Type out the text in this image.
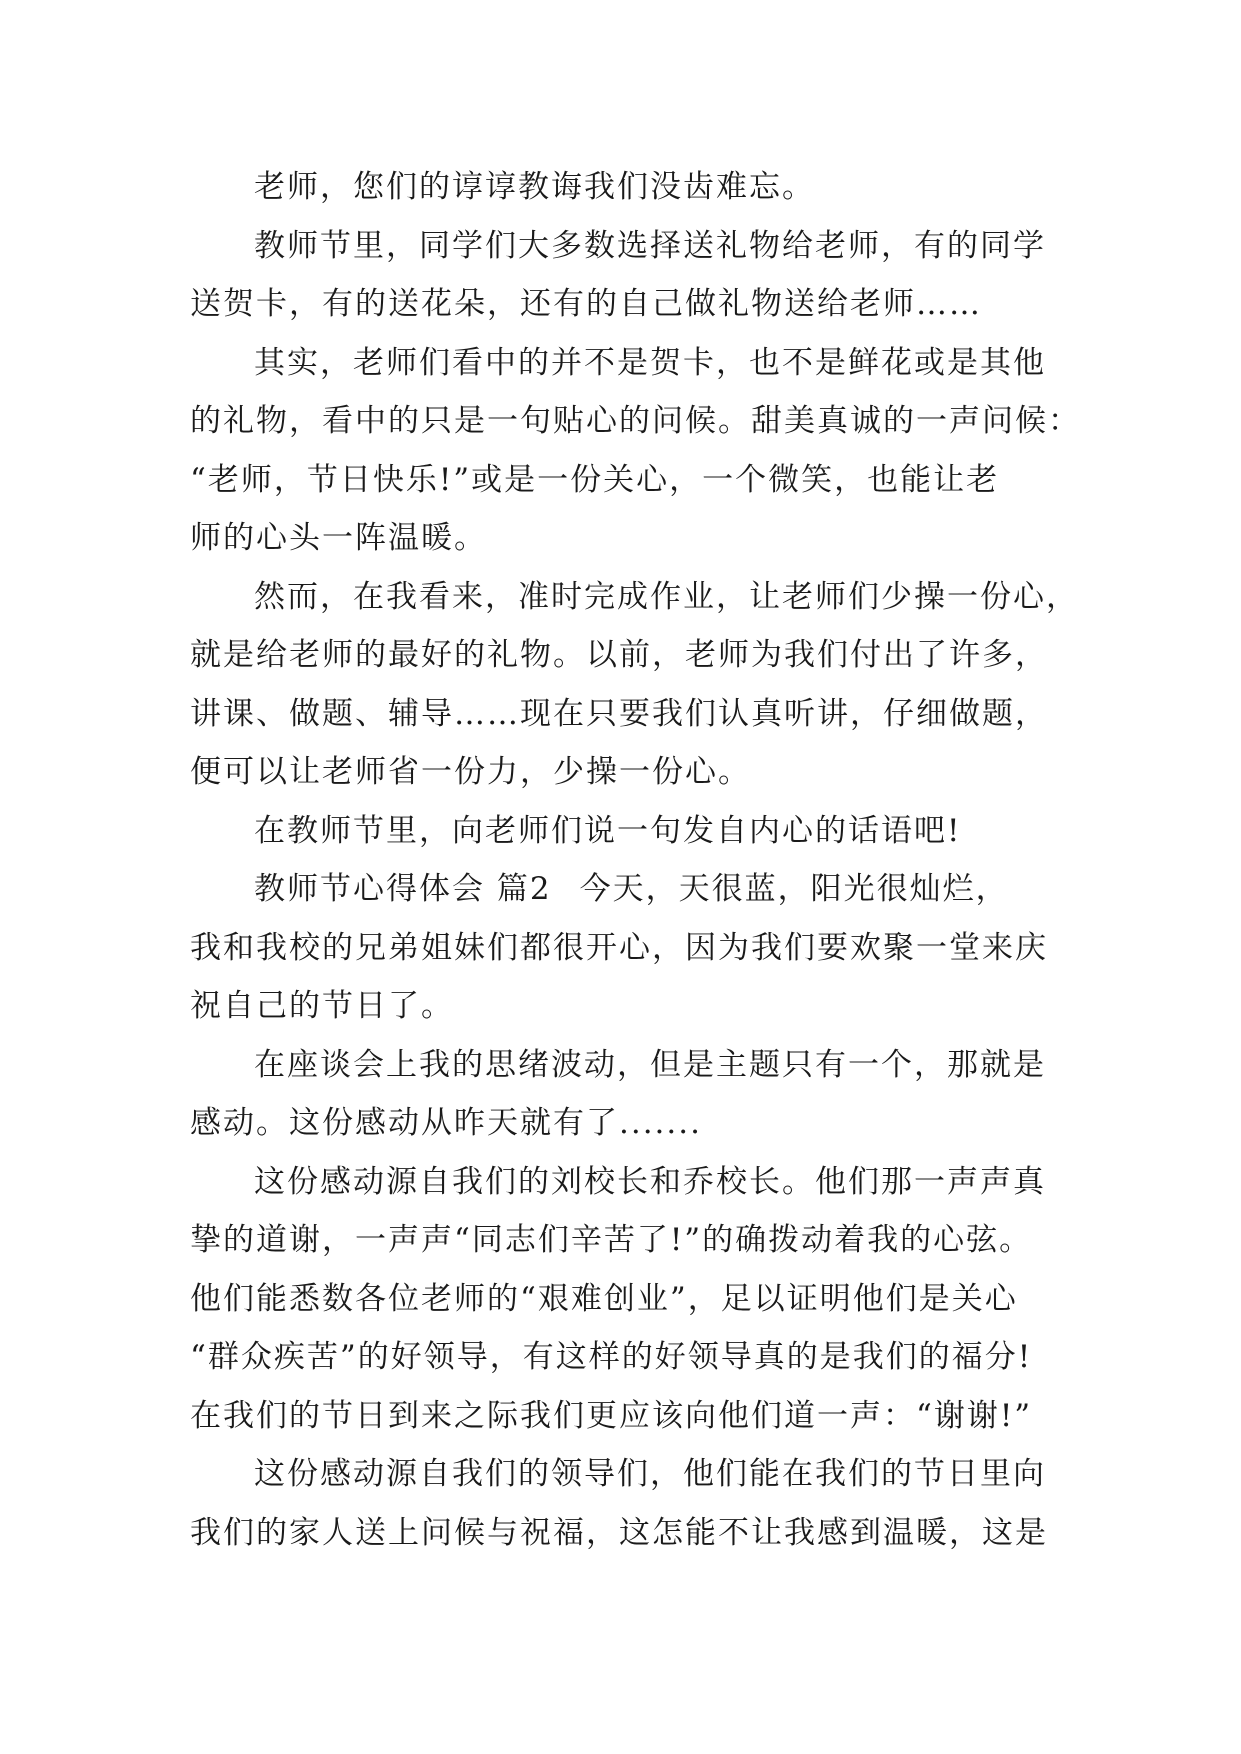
老师，您们的谆谆教诲我们没齿难忘。
教师节里，同学们大多数选择送礼物给老师，有的同学
送贺卡，有的送花朵，还有的自己做礼物送给老师……
其实，老师们看中的并不是贺卡，也不是鲜花或是其他
的礼物，看中的只是一句贴心的问候。甜美真诚的一声问候：
“老师，节日快乐!”或是一份关心，一个微笑，也能让老
师的心头一阵温暖。
然而，在我看来，准时完成作业，让老师们少操一份心，
就是给老师的最好的礼物。以前，老师为我们付出了许多，
讲课、做题、辅导……现在只要我们认真听讲，仔细做题，
便可以让老师省一份力，少操一份心。
在教师节里，向老师们说一句发自内心的话语吧!
教师节心得体会 篇2 今天，天很蓝，阳光很灿烂，
我和我校的兄弟姐妹们都很开心，因为我们要欢聚一堂来庆
祝自己的节日了。
在座谈会上我的思绪波动，但是主题只有一个，那就是
感动。这份感动从昨天就有了.......
这份感动源自我们的刘校长和乔校长。他们那一声声真
挚的道谢，一声声“同志们辛苦了!”的确拨动着我的心弦。
他们能悉数各位老师的“艰难创业”，足以证明他们是关心
“群众疾苦”的好领导，有这样的好领导真的是我们的福分!
在我们的节日到来之际我们更应该向他们道一声：“谢谢!”
这份感动源自我们的领导们，他们能在我们的节日里向
我们的家人送上问候与祝福，这怎能不让我感到温暖，这是
